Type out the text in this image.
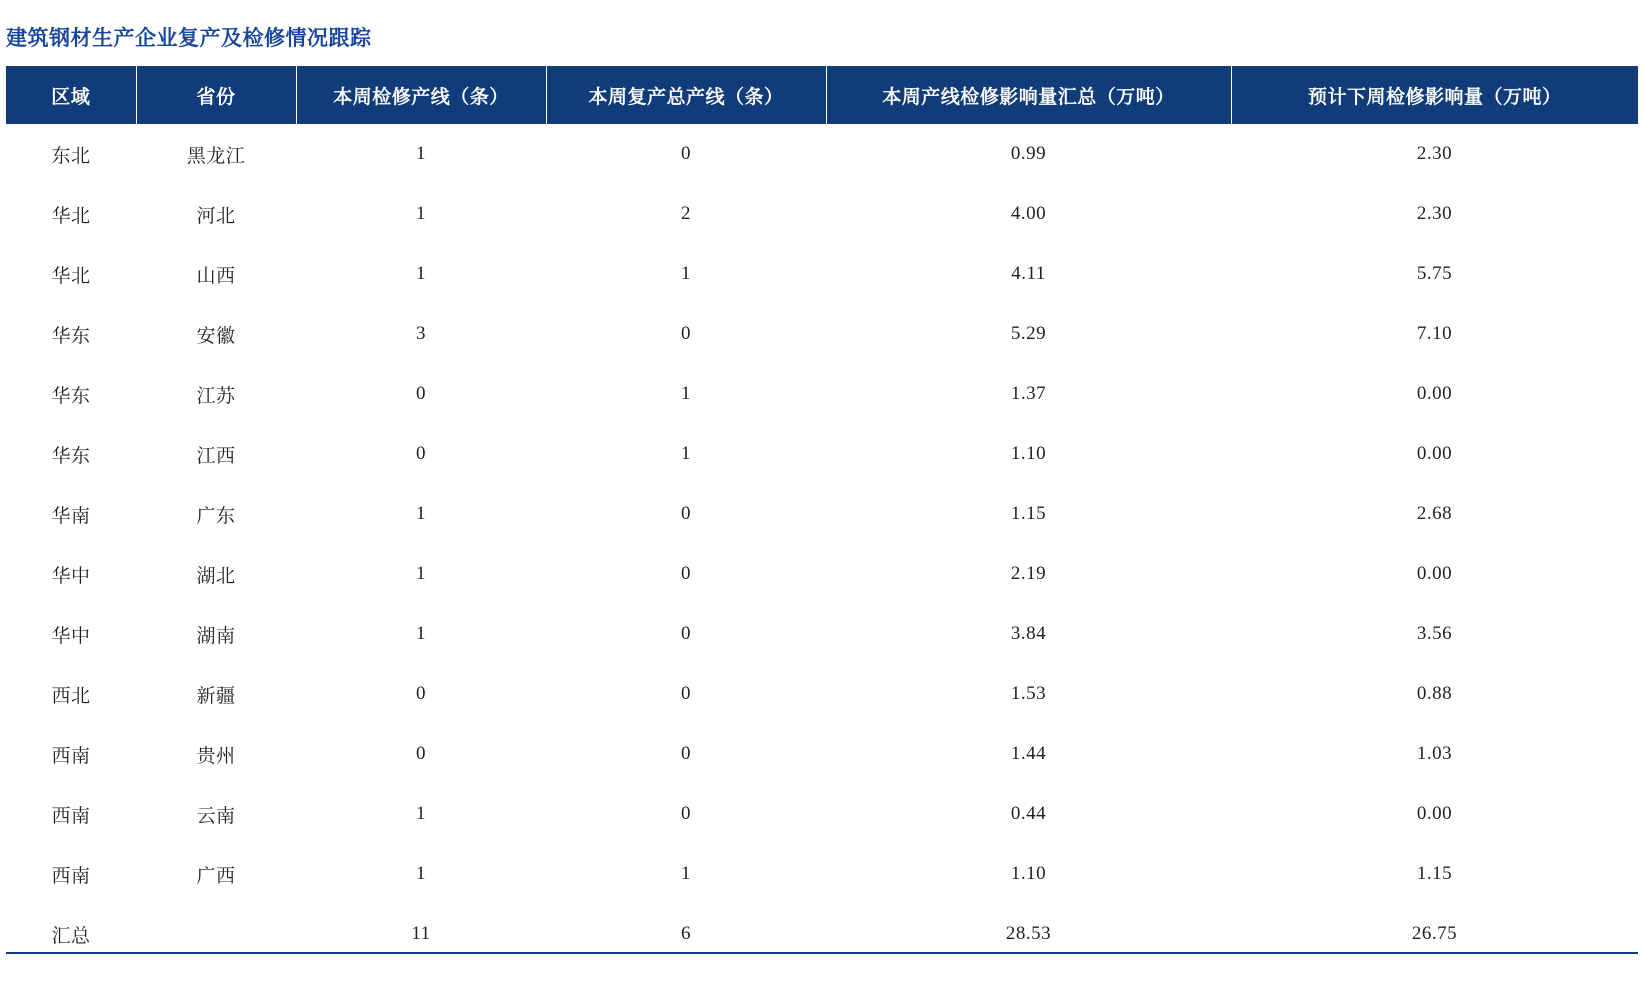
建筑钢材生产企业复产及检修情况跟踪
区域	省份	本周检修产线（条）	本周复产总产线（条）	本周产线检修影响量汇总（万吨）	预计下周检修影响量（万吨）
东北	黑龙江	1	0	0.99	2.30
华北	河北	1	2	4.00	2.30
华北	山西	1	1	4.11	5.75
华东	安徽	3	0	5.29	7.10
华东	江苏	0	1	1.37	0.00
华东	江西	0	1	1.10	0.00
华南	广东	1	0	1.15	2.68
华中	湖北	1	0	2.19	0.00
华中	湖南	1	0	3.84	3.56
西北	新疆	0	0	1.53	0.88
西南	贵州	0	0	1.44	1.03
西南	云南	1	0	0.44	0.00
西南	广西	1	1	1.10	1.15
汇总		11	6	28.53	26.75
